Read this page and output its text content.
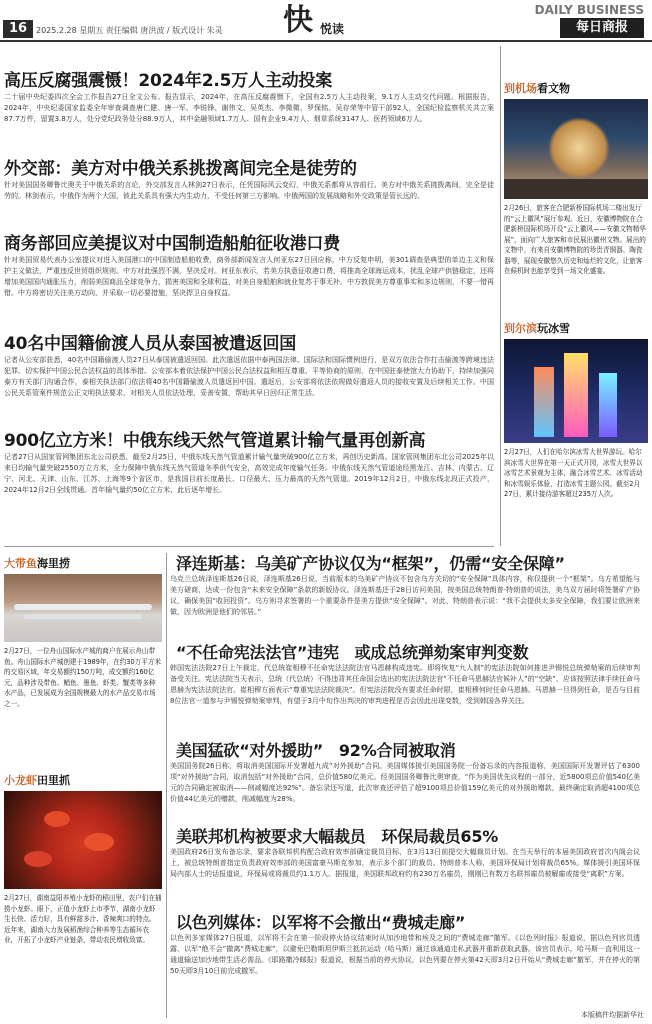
16	2025.2.28 星期五 责任编辑 唐洪波 / 版式设计 朱灵 快 悦读
DAILY BUSINESS
每日商报
高压反腐强震慑！2024年2.5万人主动投案
二十届中央纪委四次全会工作报告27日全文公布。报告显示，2024年，在高压反腐震慑下，全国有2.5万人主动投案，9.1万人主动交代问题。根据报告，2024年，中央纪委国家监委全年审查调查唐仁健、唐一军、李锐锋、谢伟文、吴英杰、李微微、罗保铭、吴存荣等中管干部92人，全国纪检监察机关共立案87.7万件，留置3.8万人，处分党纪政务处分88.9万人，其中金融领域1.7万人、国有企业9.4万人、烟草系统3147人、医药领域6万人。
外交部：美方对中俄关系挑拨离间完全是徒劳的
针对美国国务卿鲁比奥关于中俄关系的言论，外交部发言人林剑27日表示，任凭国际风云变幻，中俄关系都将从容前行。美方对中俄关系挑拨离间，完全是徒劳的。林剑表示，中俄作为两个大国，彼此关系具有强大内生动力，不受任何第三方影响。中俄两国的发展战略和外交政策是管长远的。
商务部回应美提议对中国制造船舶征收港口费
针对美国贸易代表办公室提议对进入美国港口的中国制造船舶收费，商务部新闻发言人何亚东27日回应称，中方反复申明，美301调查是典型的单边主义和保护主义做法，严重违反世贸组织规则。中方对此强烈不满，坚决反对。何亚东表示，若美方执意征收港口费，将推高全球海运成本，扰乱全球产供链稳定，还将增加美国国内通胀压力，削弱美国商品全球竞争力，损害美国和全球利益，对美自身船舶和就业复苏于事无补。中方敦促美方尊重事实和多边规则，不要一错再错。中方将密切关注美方动向，并采取一切必要措施，坚决捍卫自身权益。
40名中国籍偷渡人员从泰国被遣返回国
记者从公安部获悉，40名中国籍偷渡人员27日从泰国被遣返回国。此次遣返依据中泰两国法律、国际法和国际惯例进行，是双方依法合作打击偷渡等跨境违法犯罪、切实保护中国公民合法权益的具体举措。公安部本着依法保护中国公民合法权益和相互尊重、平等协商的原则，在中国驻泰使馆大力协助下，持续加强同泰方有关部门沟通合作，泰相关执法部门依法将40名中国籍偷渡人员遣返回中国。遣返后，公安部将依法依规做好遣返人员的接收安置及后续相关工作。中国公民关系管案件规范公正文明执法要求，对相关人员依法处理、妥善安置，帮助其早日回归正常生活。
900亿立方米！中俄东线天然气管道累计输气量再创新高
记者27日从国家管网集团东北公司获悉，截至2月25日，中俄东线天然气管道累计输气量突破900亿立方米，再创历史新高。国家管网集团东北公司2025年以来日均输气量突破2550万立方米，全力保障中俄东线天然气管道冬季供气安全，高效完成年度输气任务。中俄东线天然气管道途经黑龙江、吉林、内蒙古、辽宁、河北、天津、山东、江苏、上海等9个省区市，是我国目前长度最长、口径最大、压力最高的天然气管道。2019年12月2日，中俄东线北段正式投产，2024年12月2日全线贯通。首年输气量约50亿立方米，此后逐年增长。
泽连斯基：乌美矿产协议仅为“框架”，仍需“安全保障”
乌克兰总统泽连斯基26日说，泽连斯基26日说，当前版本的乌美矿产协议不包含乌方关切的“安全保障”具体内容，称仅提供一个“框架”。乌方希望能与美方磋商，达成一份包含“未来安全保障”条款的新版协议。泽连斯基还于28日访问美国，按美国总统特朗普·特朗普的说法，美乌双方届时将签署矿产协议，确保美国“收回投资”。乌方则寻求签署的一个重要条件是美方提供“安全保障”。对此，特朗普表示说：“我不会提供太多安全保障，我们要让欧洲来做，因为欧洲是他们的邻居。”
“不任命宪法法官”违宪　或成总统弹劾案审判变数
韩国宪法法院27日上午裁定，代总统崔相穆不任命宪法法院法官马恩赫构成违宪。即将恢复“九人制”的宪法法院如何推进尹锡悦总统弹劾案的后续审判备受关注。宪法法院当天表示，总统（代总统）不得违背其任命国会选出的宪法法院法官“不任命马恩赫法官候补人”的“空缺”，应该按照法律手续任命马恩赫为宪法法院法官。崔相穆方面表示“尊重宪法法院裁决”。但宪法法院没有要求任命时限，崔相穆何时任命马恩赫。马恩赫一旦得到任命，是否与目前8位法官一道参与尹锡悦弹劾案审判，有望于3月中旬作出判决的审判进程是否会因此出现变数，受到韩国各界关注。
美国猛砍“对外援助”　92%合同被取消
美国国务院26日称，将取消美国国际开发署超九成“对外援助”合同。美国媒体援引美国国务院一份备忘录的内容报道称，美国国际开发署评估了6300项“对外援助”合同，取消包括“对外援助”合同，总价值580亿美元。经美国国务卿鲁比奥审查，“作为美国优先议程的一部分，近5800项总价值540亿美元的合同确定被取消——削减幅度达92%”。备忘录还写道，此次审查还评估了超9100项总价值159亿美元的对外援助赠款，最终确定取消超4100项总价值44亿美元的赠款，削减幅度为28%。
美联邦机构被要求大幅裁员　环保局裁员65%
美国政府26日发布备忘录，要求各联邦机构配合政府效率部确定裁员目标，在3月13日前提交大幅裁员计划。在当天举行的本届美国政府首次内阁会议上，被总统特朗普指定负责政府效率部的美国富豪马斯克参加，表示多个部门的裁员。特朗普本人称，美国环保局计划将裁员65%。媒体援引美国环保局内部人士的话报道说，环保局或将裁员约1.1万人。据报道，美国联邦政府约有230万名雇员，刚刚已有数万名联邦雇员被解雇或接受“离职”方案。
以色列媒体：以军将不会撤出“费城走廊”
以色列多家媒体27日报道，以军将不会在第一阶段停火协议结束时从加沙地带和埃及之间的“费城走廊”撤军。《以色列时报》报道说，据以色列官员透露，以军“绝不会”撤离“费城走廊”，以避免巴勒斯坦伊斯兰抵抗运动（哈马斯）通过该通道走私武器并重新获取武器。该官员表示，哈马斯一直利用这一通道输送加沙地带生活必需品。《耶路撒冷邮报》报道说，根据当前的停火协议，以色列要在停火第42天即3月2日开始从“费城走廊”撤军，并在停火的第50天即3月10日前完成撤军。
本版稿件均据新华社
到机场看文物
2月26日，旅客在合肥新桥国际机场二楼出发厅的“云上徽风”展厅参观。近日，安徽博物院在合肥新桥国际机场开设“云上徽风——安徽文物精华展”，面向广大旅客和市民展出徽州文物。展出的文物中，有来自安徽博物院的珍贵青铜器、陶瓷器等，展现安徽悠久历史和灿烂的文化，让旅客在候机时也能享受到一场文化盛宴。
到尔滨玩冰雪
2月27日，人们在哈尔滨冰雪大世界游玩。哈尔滨冰雪大世界在第一天正式开园，冰雪大世界以冰雪艺术景观为主体，融合冰雪艺术、冰雪活动和冰雪娱乐体验，打造冰雪主题公园。截至2月27日，累计接待游客超过235万人次。
大带鱼海里捞
2月27日，一位舟山国际水产城的商户在展示舟山带鱼。舟山国际水产城创建于1989年，在约30万平方米的交易区域，年交易额约150万吨，成交额约160亿元，品种涉及带鱼、鲳鱼、墨鱼、虾类、蟹类等多种水产品，已发展成为全国规模最大的水产品交易市场之一。
小龙虾田里抓
2月27日，湖南益阳养殖小龙虾的稻田里，农户们在捕捞小龙虾。眼下，正值小龙虾上市季节，湖南小龙虾生长快、活力好，具有鲜甜多汁、香辣爽口的特点。近年来，湖南大力发展稻渔综合种养等生态循环农业，开拓了小龙虾产业链条，带动农民增收致富。
